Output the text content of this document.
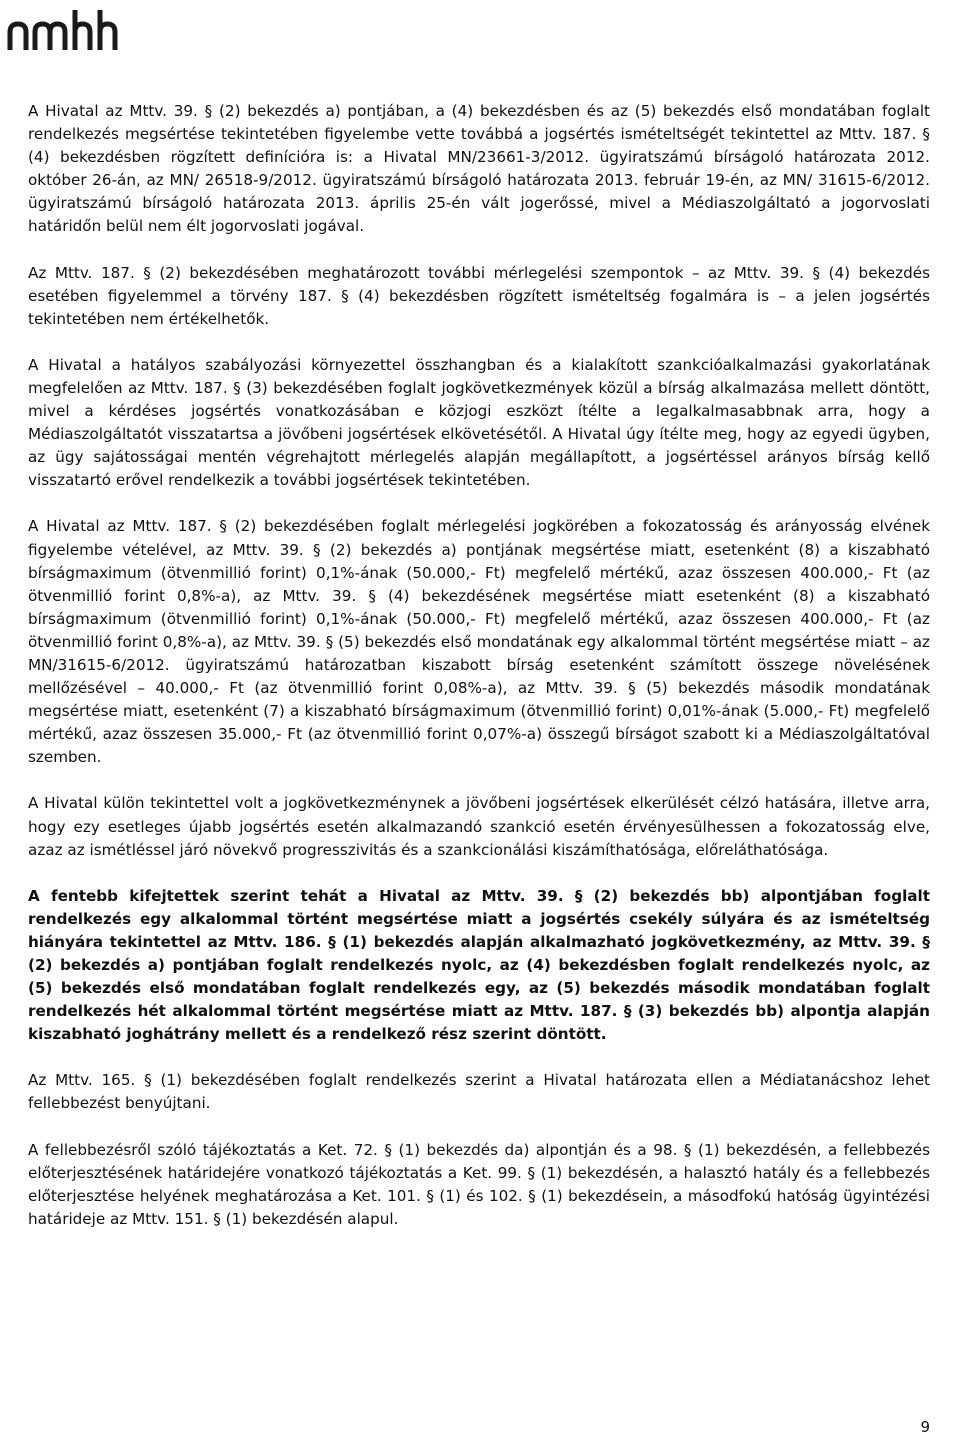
A Hivatal az Mttv. 39. § (2) bekezdés a) pontjában, a (4) bekezdésben és az (5) bekezdés első mondatában foglalt rendelkezés megsértése tekintetében figyelembe vette továbbá a jogsértés ismételtségét tekintettel az Mttv. 187. § (4) bekezdésben rögzített definícióra is: a Hivatal MN/23661-3/2012. ügyiratszámú bírságoló határozata 2012. október 26-án, az MN/ 26518-9/2012. ügyiratszámú bírságoló határozata 2013. február 19-én, az MN/ 31615-6/2012. ügyiratszámú bírságoló határozata 2013. április 25-én vált jogerőssé, mivel a Médiaszolgáltató a jogorvoslati határidőn belül nem élt jogorvoslati jogával.

Az Mttv. 187. § (2) bekezdésében meghatározott további mérlegelési szempontok – az Mttv. 39. § (4) bekezdés esetében figyelemmel a törvény 187. § (4) bekezdésben rögzített ismételtség fogalmára is – a jelen jogsértés tekintetében nem értékelhetők.

A Hivatal a hatályos szabályozási környezettel összhangban és a kialakított szankcióalkalmazási gyakorlatának megfelelően az Mttv. 187. § (3) bekezdésében foglalt jogkövetkezmények közül a bírság alkalmazása mellett döntött, mivel a kérdéses jogsértés vonatkozásában e közjogi eszközt ítélte a legalkalmasabbnak arra, hogy a Médiaszolgáltatót visszatartsa a jövőbeni jogsértések elkövetésétől. A Hivatal úgy ítélte meg, hogy az egyedi ügyben, az ügy sajátosságai mentén végrehajtott mérlegelés alapján megállapított, a jogsértéssel arányos bírság kellő visszatartó erővel rendelkezik a további jogsértések tekintetében.

A Hivatal az Mttv. 187. § (2) bekezdésében foglalt mérlegelési jogkörében a fokozatosság és arányosság elvének figyelembe vételével, az Mttv. 39. § (2) bekezdés a) pontjának megsértése miatt, esetenként (8) a kiszabható bírságmaximum (ötvenmillió forint) 0,1%-ának (50.000,- Ft) megfelelő mértékű, azaz összesen 400.000,- Ft (az ötvenmillió forint 0,8%-a), az Mttv. 39. § (4) bekezdésének megsértése miatt esetenként (8) a kiszabható bírságmaximum (ötvenmillió forint) 0,1%-ának (50.000,- Ft) megfelelő mértékű, azaz összesen 400.000,- Ft (az ötvenmillió forint 0,8%-a), az Mttv. 39. § (5) bekezdés első mondatának egy alkalommal történt megsértése miatt – az MN/31615-6/2012. ügyiratszámú határozatban kiszabott bírság esetenként számított összege növelésének mellőzésével – 40.000,- Ft (az ötvenmillió forint 0,08%-a), az Mttv. 39. § (5) bekezdés második mondatának megsértése miatt, esetenként (7) a kiszabható bírságmaximum (ötvenmillió forint) 0,01%-ának (5.000,- Ft) megfelelő mértékű, azaz összesen 35.000,- Ft (az ötvenmillió forint 0,07%-a) összegű bírságot szabott ki a Médiaszolgáltatóval szemben.

A Hivatal külön tekintettel volt a jogkövetkezménynek a jövőbeni jogsértések elkerülését célzó hatására, illetve arra, hogy ezy esetleges újabb jogsértés esetén alkalmazandó szankció esetén érvényesülhessen a fokozatosság elve, azaz az ismétléssel járó növekvő progresszivitás és a szankcionálási kiszámíthatósága, előreláthatósága.

A fentebb kifejtettek szerint tehát a Hivatal az Mttv. 39. § (2) bekezdés bb) alpontjában foglalt rendelkezés egy alkalommal történt megsértése miatt a jogsértés csekély súlyára és az ismételtség hiányára tekintettel az Mttv. 186. § (1) bekezdés alapján alkalmazható jogkövetkezmény, az Mttv. 39. § (2) bekezdés a) pontjában foglalt rendelkezés nyolc, az (4) bekezdésben foglalt rendelkezés nyolc, az (5) bekezdés első mondatában foglalt rendelkezés egy, az (5) bekezdés második mondatában foglalt rendelkezés hét alkalommal történt megsértése miatt az Mttv. 187. § (3) bekezdés bb) alpontja alapján kiszabható joghátrány mellett és a rendelkező rész szerint döntött.

Az Mttv. 165. § (1) bekezdésében foglalt rendelkezés szerint a Hivatal határozata ellen a Médiatanácshoz lehet fellebbezést benyújtani.

A fellebbezésről szóló tájékoztatás a Ket. 72. § (1) bekezdés da) alpontján és a 98. § (1) bekezdésén, a fellebbezés előterjesztésének határidejére vonatkozó tájékoztatás a Ket. 99. § (1) bekezdésén, a halasztó hatály és a fellebbezés előterjesztése helyének meghatározása a Ket. 101. § (1) és 102. § (1) bekezdésein, a másodfokú hatóság ügyintézési határideje az Mttv. 151. § (1) bekezdésén alapul.

9
